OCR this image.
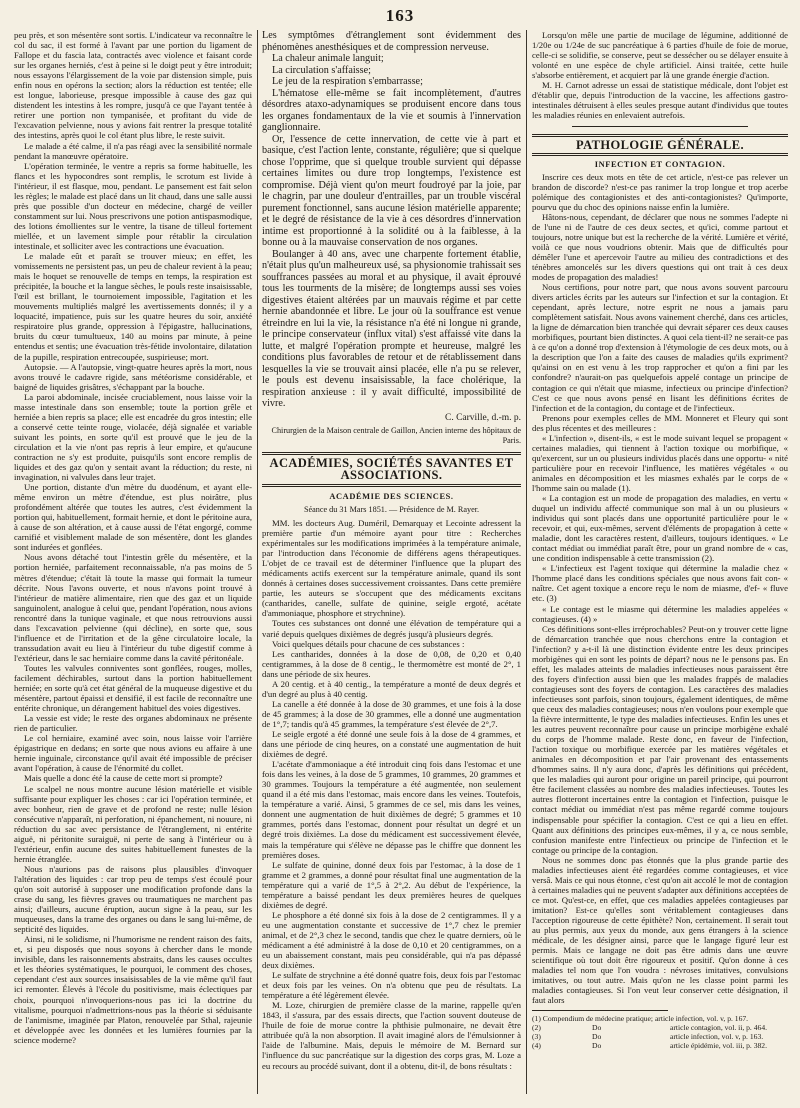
163

peu près, et son mésentère sont sortis. L'indicateur va reconnaître le col du sac, il est formé à l'avant par une portion du ligament de Fallope et du fascia lata, contractés avec violence et faisant corde sur les organes herniés, c'est à peine si le doigt peut y être introduit; nous essayons l'élargissement de la voie par distension simple, puis enfin nous en opérons la section; alors la réduction est tentée; elle est longue, laborieuse, presque impossible à cause des gaz qui distendent les intestins à les rompre, jusqu'à ce que l'ayant tentée à retirer une portion non tympanisée, et profitant du vide de l'excavation pelvienne, nous y avions fait rentrer la presque totalité des intestins, après quoi le col étant plus libre, le reste suivit.

Le malade a été calme, il n'a pas réagi avec la sensibilité normale pendant la manœuvre opératoire.

L'opération terminée, le ventre a repris sa forme habituelle, les flancs et les hypocondres sont remplis, le scrotum est livide à l'intérieur, il est flasque, mou, pendant. Le pansement est fait selon les règles; le malade est placé dans un lit chaud, dans une salle aussi près que possible d'un docteur en médecine, chargé de veiller constamment sur lui. Nous prescrivons une potion antispasmodique, des lotions émollientes sur le ventre, la tisane de tilleul fortement miellée, et un lavement simple pour rétablir la circulation intestinale, et solliciter avec les contractions une évacuation.

Le malade eût et paraît se trouver mieux; en effet, les vomissements ne persistent pas, un peu de chaleur revient à la peau; mais le hoquet se renouvelle de temps en temps, la respiration est précipitée, la bouche et la langue sèches, le pouls reste insaisissable, l'œil est brillant, le tournoiement impossible, l'agitation et les mouvements multipliés malgré les avertissements donnés; il y a loquacité, impatience, puis sur les quatre heures du soir, anxiété respiratoire plus grande, oppression à l'épigastre, hallucinations, bruits du cœur tumultueux, 140 au moins par minute, à peine entendus et sentis; une évacuation très-fétide involontaire, dilatation de la pupille, respiration entrecoupée, suspirieuse; mort.

Autopsie. — A l'autopsie, vingt-quatre heures après la mort, nous avons trouvé le cadavre rigide, sans météorisme considérable, et baigné de liquides grisâtres, s'échappant par la bouche.

La paroi abdominale, incisée cruciablement, nous laisse voir la masse intestinale dans son ensemble; toute la portion grêle et herniée a bien repris sa place; elle est encadrée du gros intestin; elle a conservé cette teinte rouge, violacée, déjà signalée et variable suivant les points, en sorte qu'il est prouvé que le jeu de la circulation et la vie n'ont pas repris à leur empire, et qu'aucune contraction ne s'y est produite, puisqu'ils sont encore remplis de liquides et des gaz qu'on y sentait avant la réduction; du reste, ni invagination, ni valvules dans leur trajet.

Une portion, distante d'un mètre du duodénum, et ayant elle-même environ un mètre d'étendue, est plus noirâtre, plus profondément altérée que toutes les autres, c'est évidemment la portion qui, habituellement, formait hernie, et dont le péritoine aura, à cause de son altération, et à cause aussi de l'état engorgé, comme carnifié et visiblement malade de son mésentère, dont les glandes sont indurées et gonflées.

Nous avons détaché tout l'intestin grêle du mésentère, et la portion herniée, parfaitement reconnaissable, n'a pas moins de 5 mètres d'étendue; c'était là toute la masse qui formait la tumeur décrite. Nous l'avons ouverte, et nous n'avons point trouvé à l'intérieur de matière alimentaire, rien que des gaz et un liquide sanguinolent, analogue à celui que, pendant l'opération, nous avions rencontré dans la tunique vaginale, et que nous retrouvions aussi dans l'excavation pelvienne (qui décline), en sorte que, sous l'influence et de l'irritation et de la gêne circulatoire locale, la transsudation avait eu lieu à l'intérieur du tube digestif comme à l'extérieur, dans le sac herniaire comme dans la cavité péritonéale.

Toutes les valvules conniventes sont gonflées, rouges, molles, facilement déchirables, surtout dans la portion habituellement herniée; en sorte qu'à cet état général de la muqueuse digestive et du mésentère, partout épaissi et densifié, il est facile de reconnaître une entérite chronique, un dérangement habituel des voies digestives.

La vessie est vide; le reste des organes abdominaux ne présente rien de particulier.

Le col herniaire, examiné avec soin, nous laisse voir l'arrière épigastrique en dedans; en sorte que nous avions eu affaire à une hernie inguinale, circonstance qu'il avait été impossible de préciser avant l'opération, à cause de l'énormité du collet.

Mais quelle a donc été la cause de cette mort si prompte?

Le scalpel ne nous montre aucune lésion matérielle et visible suffisante pour expliquer les choses : car ici l'opération terminée, et avec bonheur, rien de grave et de profond ne reste; nulle lésion consécutive n'apparaît, ni perforation, ni épanchement, ni nouure, ni réduction du sac avec persistance de l'étranglement, ni entérite aiguë, ni péritonite suraiguë, ni perte de sang à l'intérieur ou à l'extérieur, enfin aucune des suites habituellement funestes de la hernie étranglée.

Nous n'aurions pas de raisons plus plausibles d'invoquer l'altération des liquides : car trop peu de temps s'est écoulé pour qu'on soit autorisé à supposer une modification profonde dans la crase du sang, les fièvres graves ou traumatiques ne marchent pas ainsi; d'ailleurs, aucune éruption, aucun signe à la peau, sur les muqueuses, dans la trame des organes ou dans le sang lui-même, de septicité des liquides.

Ainsi, ni le solidisme, ni l'humorisme ne rendent raison des faits, et, si peu disposés que nous soyons à chercher dans le monde invisible, dans les raisonnements abstraits, dans les causes occultes et les théories systématiques, le pourquoi, le comment des choses, cependant c'est aux sources insaisissables de la vie même qu'il faut ici remonter. Élevés à l'école du positivisme, mais éclectiques par choix, pourquoi n'invoquerions-nous pas ici la doctrine du vitalisme, pourquoi n'admettrions-nous pas la théorie si séduisante de l'animisme, imaginée par Platon, renouvelée par Sthal, rajeunie et développée avec les données et les lumières fournies par la science moderne?

Les symptômes d'étranglement sont évidemment des phénomènes anesthésiques et de compression nerveuse.

La chaleur animale languit;

La circulation s'affaisse;

Le jeu de la respiration s'embarrasse;

L'hématose elle-même se fait incomplètement, d'autres désordres ataxo-adynamiques se produisent encore dans tous les organes fondamentaux de la vie et soumis à l'innervation ganglionnaire.

Or, l'essence de cette innervation, de cette vie à part et basique, c'est l'action lente, constante, régulière; que si quelque chose l'opprime, que si quelque trouble survient qui dépasse certaines limites ou dure trop longtemps, l'existence est compromise. Déjà vient qu'on meurt foudroyé par la joie, par le chagrin, par une douleur d'entrailles, par un trouble viscéral purement fonctionnel, sans aucune lésion matérielle apparente; et le degré de résistance de la vie à ces désordres d'innervation intime est proportionné à la solidité ou à la faiblesse, à la bonne ou à la mauvaise conservation de nos organes.

Boulanger à 40 ans, avec une charpente fortement établie, n'était plus qu'un malheureux usé, sa physionomie trahissait ses souffrances passées au moral et au physique, il avait éprouvé tous les tourments de la misère; de longtemps aussi ses voies digestives étaient altérées par un mauvais régime et par cette hernie abandonnée et libre. Le jour où la souffrance est venue étreindre en lui la vie, la résistance n'a été ni longue ni grande, le principe conservateur (influx vital) s'est affaissé vite dans la lutte, et malgré l'opération prompte et heureuse, malgré les conditions plus favorables de retour et de rétablissement dans lesquelles la vie se trouvait ainsi placée, elle n'a pu se relever, le pouls est devenu insaisissable, la face cholérique, la respiration anxieuse : il y avait difficulté, impossibilité de vivre.

C. Carville, d.-m. p.
Chirurgien de la Maison centrale de Gaillon, Ancien interne des hôpitaux de Paris.
ACADÉMIES, SOCIÉTÉS SAVANTES ET ASSOCIATIONS.
ACADÉMIE DES SCIENCES.
Séance du 31 Mars 1851. — Présidence de M. Rayer.

MM. les docteurs Aug. Duméril, Demarquay et Lecointe adressent la première partie d'un mémoire ayant pour titre : Recherches expérimentales sur les modifications imprimées à la température animale, par l'introduction dans l'économie de différens agens thérapeutiques. L'objet de ce travail est de déterminer l'influence que la plupart des médicaments actifs exercent sur la température animale, quand ils sont donnés à certaines doses successivement croissantes. Dans cette première partie, les auteurs se s'occupent que des médicaments excitans (cantharides, canelle, sulfate de quinine, seigle ergoté, acétate d'ammoniaque, phosphore et strychnine).

Toutes ces substances ont donné une élévation de température qui a varié depuis quelques dixièmes de degrés jusqu'à plusieurs degrés.

Voici quelques détails pour chacune de ces substances :

Les cantharides, données à la dose de 0,08, de 0,20 et 0,40 centigrammes, à la dose de 8 centig., le thermomètre est monté de 2°, 1 dans une période de six heures.

A 20 centig. et à 40 centig., la température a monté de deux degrés et d'un degré au plus à 40 centig.

La canelle a été donnée à la dose de 30 grammes, et une fois à la dose de 45 grammes; à la dose de 30 grammes, elle a donné une augmentation de 1°,7; tandis qu'à 45 grammes, la température s'est élevée de 2°,7.

Le seigle ergoté a été donné une seule fois à la dose de 4 grammes, et dans une période de cinq heures, on a constaté une augmentation de huit dixièmes de degré.

L'acétate d'ammoniaque a été introduit cinq fois dans l'estomac et une fois dans les veines, à la dose de 5 grammes, 10 grammes, 20 grammes et 30 grammes. Toujours la température a été augmentée, non seulement quand il a été mis dans l'estomac, mais encore dans les veines. Toutefois, la température a varié. Ainsi, 5 grammes de ce sel, mis dans les veines, donnent une augmentation de huit dixièmes de degré; 5 grammes et 10 grammes, portés dans l'estomac, donnent pour résultat un degré et un degré trois dixièmes. La dose du médicament est successivement élevée, mais la température qui s'élève ne dépasse pas le chiffre que donnent les premières doses.

Le sulfate de quinine, donné deux fois par l'estomac, à la dose de 1 gramme et 2 grammes, a donné pour résultat final une augmentation de la température qui a varié de 1°,5 à 2°,2. Au début de l'expérience, la température a baissé pendant les deux premières heures de quelques dixièmes de degré.

Le phosphore a été donné six fois à la dose de 2 centigrammes. Il y a eu une augmentation constante et successive de 1°,7 chez le premier animal, et de 2°,3 chez le second, tandis que chez le quatre derniers, où le médicament a été administré à la dose de 0,10 et 20 centigrammes, on a eu un abaissement constant, mais peu considérable, qui n'a pas dépassé deux dixièmes.

Le sulfate de strychnine a été donné quatre fois, deux fois par l'estomac et deux fois par les veines. On n'a obtenu que peu de résultats. La température a été légèrement élevée.

M. Loze, chirurgien de première classe de la marine, rappelle qu'en 1843, il s'assura, par des essais directs, que l'action souvent douteuse de l'huile de foie de morue contre la phthisie pulmonaire, ne devait être attribuée qu'à la non absorption. Il avait imaginé alors de l'émulsionner à l'aide de l'albumine. Mais, depuis le mémoire de M. Bernard sur l'influence du suc pancréatique sur la digestion des corps gras, M. Loze a eu recours au procédé suivant, dont il a obtenu, dit-il, de bons résultats :

Lorsqu'on mêle une partie de mucilage de légumine, additionné de 1/20e ou 1/24e de suc pancréatique à 6 parties d'huile de foie de morue, celle-ci se solidifie, se conserve, peut se dessécher ou se délayer ensuite à volonté en une espèce de chyle artificiel. Ainsi traitée, cette huile s'absorbe entièrement, et acquiert par là une grande énergie d'action.

M. H. Carnot adresse un essai de statistique médicale, dont l'objet est d'établir que, depuis l'introduction de la vaccine, les affections gastro-intestinales détruisent à elles seules presque autant d'individus que toutes les maladies réunies en enlevaient autrefois.

PATHOLOGIE GÉNÉRALE.
INFECTION ET CONTAGION.

Inscrire ces deux mots en tête de cet article, n'est-ce pas relever un brandon de discorde? n'est-ce pas ranimer la trop longue et trop acerbe polémique des contagionistes et des anti-contagionistes? Qu'importe, pourvu que du choc des opinions naisse enfin la lumière.

Hâtons-nous, cependant, de déclarer que nous ne sommes l'adepte ni de l'une ni de l'autre de ces deux sectes, et qu'ici, comme partout et toujours, notre unique but est la recherche de la vérité. Lumière et vérité, voilà ce que nous voudrions obtenir. Mais que de difficultés pour démêler l'une et apercevoir l'autre au milieu des contradictions et des ténèbres amoncelés sur les divers questions qui ont trait à ces deux modes de propagation des maladies!

Nous certifions, pour notre part, que nous avons souvent parcouru divers articles écrits par les auteurs sur l'infection et sur la contagion. Et cependant, après lecture, notre esprit ne nous a jamais paru complètement satisfait. Nous avons vainement cherché, dans ces articles, la ligne de démarcation bien tranchée qui devrait séparer ces deux causes morbifiques, pourtant bien distinctes. A quoi cela tient-il? ne serait-ce pas à ce qu'on a donné trop d'extension à l'étymologie de ces deux mots, ou à la description que l'on a faite des causes de maladies qu'ils expriment? qu'ainsi on en est venu à les trop rapprocher et qu'on a fini par les confondre? n'aurait-on pas quelquefois appelé contage un principe de contagion ce qui n'était que miasme, infectieux ou principe d'infection? C'est ce que nous avons pensé en lisant les définitions écrites de l'infection et de la contagion, du contage et de l'infectieux.

Prenons pour exemples celles de MM. Monneret et Fleury qui sont des plus récentes et des meilleures :

« L'infection », disent-ils, « est le mode suivant lequel se propagent « certaines maladies, qui tiennent à l'action toxique ou morbifique, « qu'exercent, sur un ou plusieurs individus placés dans une opportu- « nité particulière pour en recevoir l'influence, les matières végétales « ou animales en décomposition et les miasmes exhalés par le corps de « l'homme sain ou malade (1).

« La contagion est un mode de propagation des maladies, en vertu « duquel un individu affecté communique son mal à un ou plusieurs « individus qui sont placés dans une opportunité particulière pour le « recevoir, et qui, eux-mêmes, servent d'éléments de propagation à cette « maladie, dont les caractères restent, d'ailleurs, toujours identiques. « Le contact médiat ou immédiat paraît être, pour un grand nombre de « cas, une condition indispensable à cette transmission (2).

« L'infectieux est l'agent toxique qui détermine la maladie chez « l'homme placé dans les conditions spéciales que nous avons fait con- « naître. Cet agent toxique a encore reçu le nom de miasme, d'ef- « fluve etc. (3)

« Le contage est le miasme qui détermine les maladies appelées « contagieuses. (4) »

Ces définitions sont-elles irréprochables? Peut-on y trouver cette ligne de démarcation tranchée que nous cherchons entre la contagion et l'infection? y a-t-il là une distinction évidente entre les deux principes morbigènes qui en sont les points de départ? nous ne le pensons pas. En effet, les malades atteints de maladies infectieuses nous paraissent être des foyers d'infection aussi bien que les malades frappés de maladies contagieuses sont des foyers de contagion. Les caractères des maladies infectieuses sont parfois, sinon toujours, également identiques, de même que ceux des maladies contagieuses; nous n'en voulons pour exemple que la fièvre intermittente, le type des maladies infectieuses. Enfin les unes et les autres peuvent reconnaître pour cause un principe morbigène exhalé du corps de l'homme malade. Reste donc, en faveur de l'infection, l'action toxique ou morbifique exercée par les matières végétales et animales en décomposition et par l'air provenant des entassements d'hommes sains. Il n'y aura donc, d'après les définitions qui précèdent, que les maladies qui auront pour origine un pareil principe, qui pourront être facilement classées au nombre des maladies infectieuses. Toutes les autres flotteront incertaines entre la contagion et l'infection, puisque le contact médiat ou immédiat n'est pas même regardé comme toujours indispensable pour spécifier la contagion. C'est ce qui a lieu en effet. Quant aux définitions des principes eux-mêmes, il y a, ce nous semble, confusion manifeste entre l'infectieux ou principe de l'infection et le contage ou principe de la contagion.

Nous ne sommes donc pas étonnés que la plus grande partie des maladies infectieuses aient été regardées comme contagieuses, et vice versâ. Mais ce qui nous étonne, c'est qu'on ait accolé le mot de contagion à certaines maladies qui ne peuvent s'adapter aux définitions acceptées de ce mot. Qu'est-ce, en effet, que ces maladies appelées contagieuses par imitation? Est-ce qu'elles sont véritablement contagieuses dans l'acception rigoureuse de cette épithète? Non, certainement. Il serait tout au plus permis, aux yeux du monde, aux gens étrangers à la science médicale, de les désigner ainsi, parce que le langage figuré leur est permis. Mais ce langage ne doit pas être admis dans une œuvre scientifique où tout doit être rigoureux et positif. Qu'on donne à ces maladies tel nom que l'on voudra : névroses imitatives, convulsions imitatives, ou tout autre. Mais qu'on ne les classe point parmi les maladies contagieuses. Si l'on veut leur conserver cette désignation, il faut alors

(1) Compendium de médecine pratique; article infection, vol. v, p. 167.
(2)	Do	article contagion, vol. ii, p. 464.
(3)	Do	article infection, vol. v, p. 163.
(4)	Do	article épidémie, vol. iii, p. 382.
